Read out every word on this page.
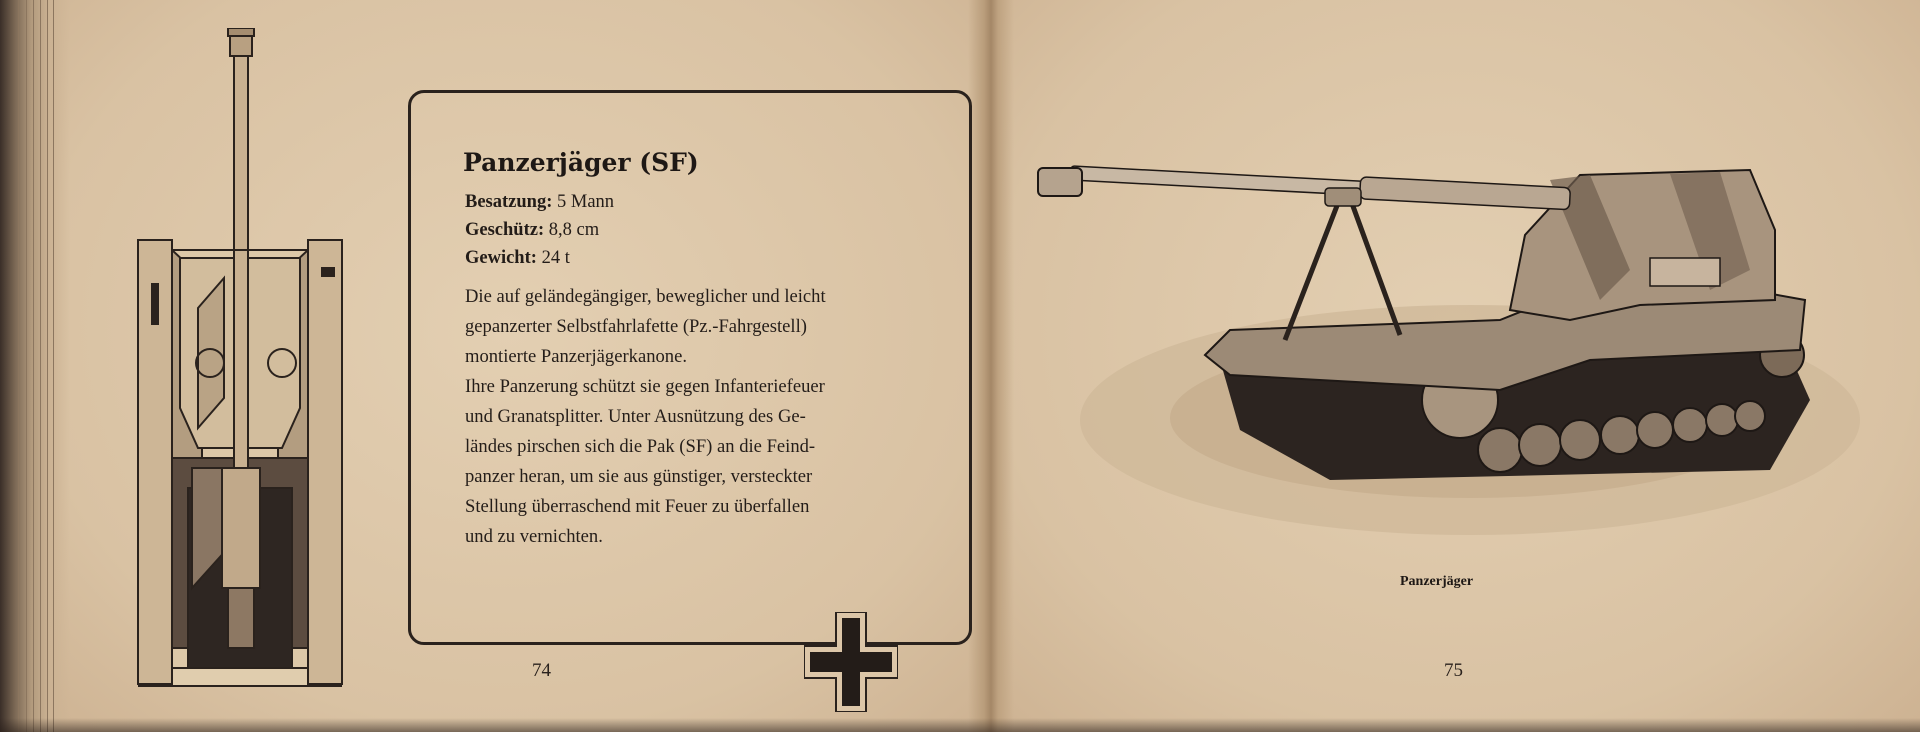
Panzerjäger (SF)
Besatzung: 5 Mann
Geschütz: 8,8 cm
Gewicht: 24 t
Die auf geländegängiger, beweglicher und leicht
gepanzerter Selbstfahrlafette (Pz.-Fahrgestell)
montierte Panzerjägerkanone.
Ihre Panzerung schützt sie gegen Infanteriefeuer
und Granatsplitter. Unter Ausnützung des Ge-
ländes pirschen sich die Pak (SF) an die Feind-
panzer heran, um sie aus günstiger, versteckter
Stellung überraschend mit Feuer zu überfallen
und zu vernichten.
74
Panzerjäger
75
